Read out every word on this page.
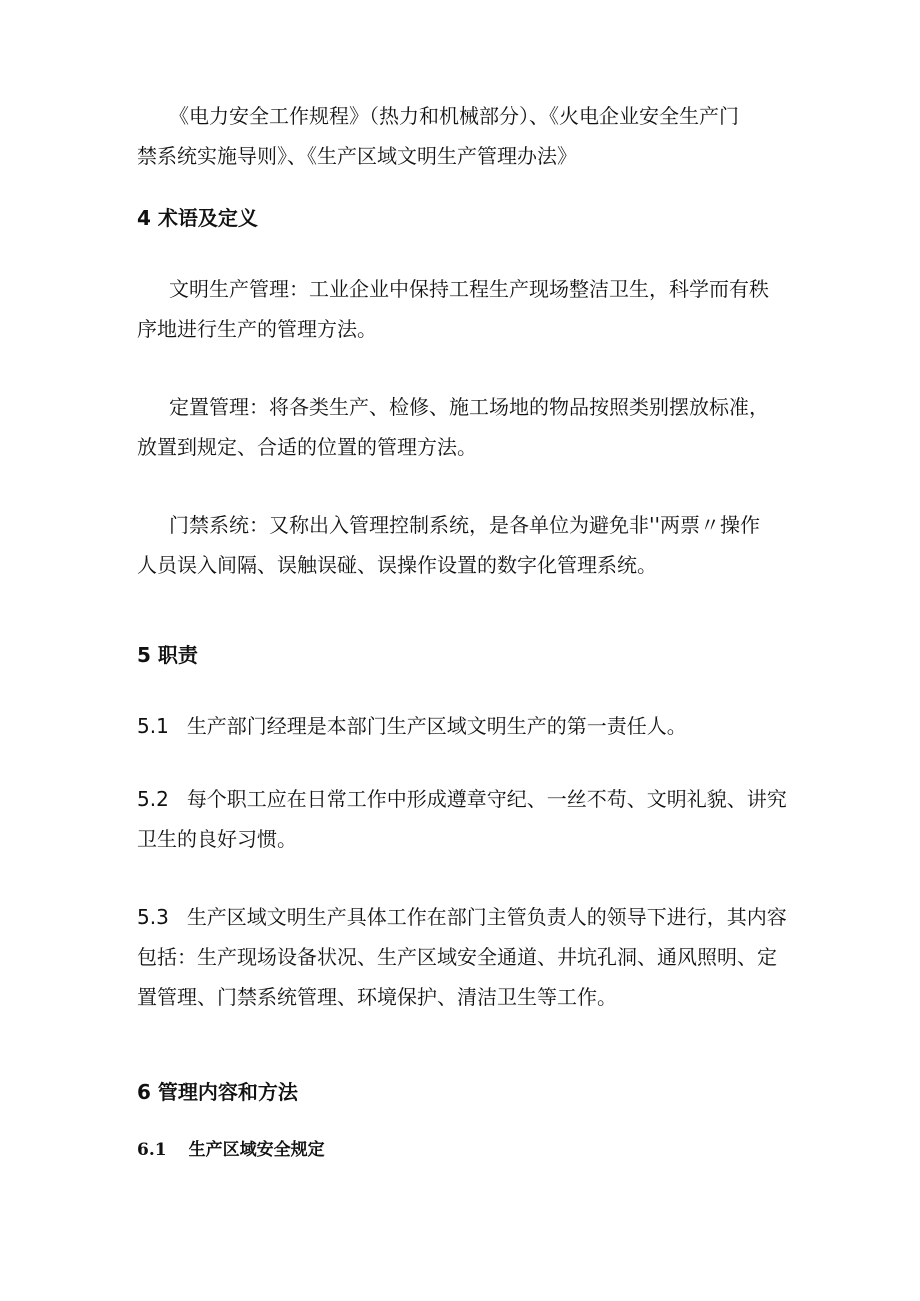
《电力安全工作规程》（热力和机械部分）、《火电企业安全生产门
禁系统实施导则》、《生产区域文明生产管理办法》

4 术语及定义

文明生产管理：工业企业中保持工程生产现场整洁卫生，科学而有秩
序地进行生产的管理方法。

定置管理：将各类生产、检修、施工场地的物品按照类别摆放标准，
放置到规定、合适的位置的管理方法。

门禁系统：又称出入管理控制系统，是各单位为避免非''两票〃操作
人员误入间隔、误触误碰、误操作设置的数字化管理系统。

5 职责

5.1 生产部门经理是本部门生产区域文明生产的第一责任人。

5.2 每个职工应在日常工作中形成遵章守纪、一丝不苟、文明礼貌、讲究
卫生的良好习惯。

5.3 生产区域文明生产具体工作在部门主管负责人的领导下进行，其内容
包括：生产现场设备状况、生产区域安全通道、井坑孔洞、通风照明、定
置管理、门禁系统管理、环境保护、清洁卫生等工作。

6 管理内容和方法
6.1 生产区域安全规定
